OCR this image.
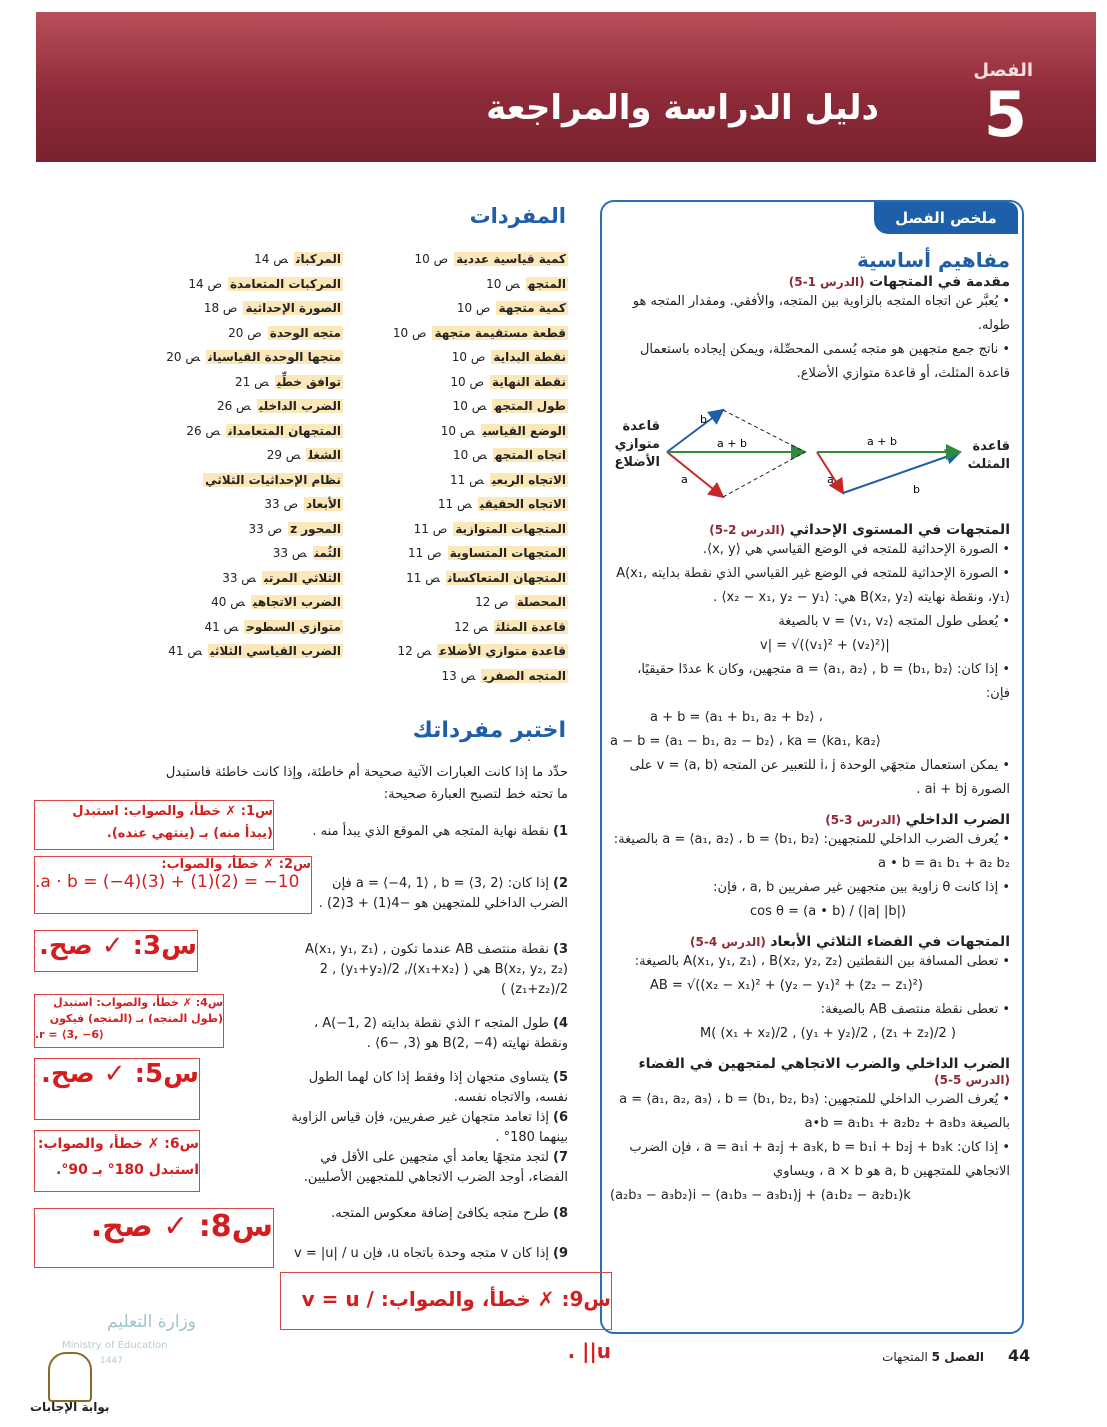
الفصل
5
دليل الدراسة والمراجعة
ملخص الفصل
مفاهيم أساسية
مقدمة في المتجهات (الدرس 1-5)
• يُعبَّر عن اتجاه المتجه بالزاوية بين المتجه، والأفقي. ومقدار المتجه هو طوله.
• ناتج جمع متجهين هو متجه يُسمى المحصِّلة، ويمكن إيجاده باستعمال قاعدة المثلث، أو قاعدة متوازي الأضلاع.
b
a
a + b	a + b
a
b
قاعدة متوازي الأضلاع
قاعدة المثلث
المتجهات في المستوى الإحداثي (الدرس 2-5)
• الصورة الإحداثية للمتجه في الوضع القياسي هي ⟨x, y⟩.
• الصورة الإحداثية للمتجه في الوضع غير القياسي الذي نقطة بدايته A(x₁, y₁)، ونقطة نهايته B(x₂, y₂) هي: ⟨x₂ − x₁, y₂ − y₁⟩ .
• يُعطى طول المتجه v = ⟨v₁, v₂⟩ بالصيغة
|v| = √((v₁)² + (v₂)²)
• إذا كان: a = ⟨a₁, a₂⟩ , b = ⟨b₁, b₂⟩ متجهين، وكان k عددًا حقيقيًا، فإن:
a + b = ⟨a₁ + b₁, a₂ + b₂⟩ ،
a − b = ⟨a₁ − b₁, a₂ − b₂⟩ ، ka = ⟨ka₁, ka₂⟩
• يمكن استعمال متجهَي الوحدة i، j للتعبير عن المتجه v = ⟨a, b⟩ على الصورة ai + bj .
الضرب الداخلي (الدرس 3-5)
• يُعرف الضرب الداخلي للمتجهين: a = ⟨a₁, a₂⟩ ، b = ⟨b₁, b₂⟩ بالصيغة: a • b = a₁ b₁ + a₂ b₂
• إذا كانت θ زاوية بين متجهين غير صفريين a, b ، فإن:
cos θ = (a • b) / (|a| |b|)
المتجهات في الفضاء الثلاثي الأبعاد (الدرس 4-5)
• تعطى المسافة بين النقطتين A(x₁, y₁, z₁) ، B(x₂, y₂, z₂) بالصيغة:
AB = √((x₂ − x₁)² + (y₂ − y₁)² + (z₂ − z₁)²)
• تعطى نقطة منتصف AB بالصيغة:
M( (x₁ + x₂)/2 , (y₁ + y₂)/2 , (z₁ + z₂)/2 )
الضرب الداخلي والضرب الاتجاهي لمتجهين في الفضاء (الدرس 5-5)
• يُعرف الضرب الداخلي للمتجهين: a = ⟨a₁, a₂, a₃⟩ ، b = ⟨b₁, b₂, b₃⟩ بالصيغة a•b = a₁b₁ + a₂b₂ + a₃b₃
• إذا كان: a = a₁i + a₂j + a₃k, b = b₁i + b₂j + b₃k ، فإن الضرب الاتجاهي للمتجهين a, b هو a × b ، ويساوي
(a₂b₃ − a₃b₂)i − (a₁b₃ − a₃b₁)j + (a₁b₂ − a₂b₁)k
المفردات
كمية قياسية عدديةص 10
المتجهص 10
كمية متجهةص 10
قطعة مستقيمة متجهةص 10
نقطة البدايةص 10
نقطة النهايةص 10
طول المتجهص 10
الوضع القياسيص 10
اتجاه المتجهص 10
الاتجاه الربعيص 11
الاتجاه الحقيقيص 11
المتجهات المتوازيةص 11
المتجهات المتساويةص 11
المتجهان المتعاكسانص 11
المحصلةص 12
قاعدة المثلثص 12
قاعدة متوازي الأضلاعص 12
المتجه الصفريص 13
المركباتص 14
المركبات المتعامدةص 14
الصورة الإحداثيةص 18
متجه الوحدةص 20
متجها الوحدة القياسيانص 20
توافق خطِّيص 21
الضرب الداخليص 26
المتجهان المتعامدانص 26
الشغلص 29
نظام الإحداثيات الثلاثي
الأبعادص 33
المحور zص 33
الثُمنص 33
الثلاثي المرتبص 33
الضرب الاتجاهيص 40
متوازي السطوحص 41
الضرب القياسي الثلاثيص 41
اختبر مفرداتك
حدِّد ما إذا كانت العبارات الآتية صحيحة أم خاطئة، وإذا كانت خاطئة فاستبدل ما تحته خط لتصبح العبارة صحيحة:
1)نقطة نهاية المتجه هي الموقع الذي يبدأ منه .
2)إذا كان: a = ⟨−4, 1⟩ , b = ⟨3, 2⟩ فإن الضرب الداخلي للمتجهين هو −4(1) + 3(2) .
3)نقطة منتصف AB عندما تكون A(x₁, y₁, z₁) , B(x₂, y₂, z₂) هي ( (x₁+x₂)/2 , (y₁+y₂)/2 , (z₁+z₂)/2 )
4)طول المتجه r الذي نقطة بدايته A(−1, 2) ، ونقطة نهايته B(2, −4) هو ⟨3, −6⟩ .
5)يتساوى متجهان إذا وفقط إذا كان لهما الطول نفسه، والاتجاه نفسه.
6)إذا تعامد متجهان غير صفريين، فإن قياس الزاوية بينهما 180° .
7)لتجد متجهًا يعامد أي متجهين على الأقل في الفضاء، أوجد الضرب الاتجاهي للمتجهين الأصليين.
8)طرح متجه يكافئ إضافة معكوس المتجه.
9)إذا كان v متجه وحدة باتجاه u، فإن v = |u| / u
س1: ✗ خطأ، والصواب: استبدل
(يبدأ منه) بـ (ينتهي عنده).
س2: ✗ خطأ، والصواب:
.a · b = (−4)(3) + (1)(2) = −10
س3: ✓ صح.
س4: ✗ خطأ، والصواب: استبدل (طول المتجه) بـ (المتجه) فيكون
.r = ⟨3, −6⟩
س5: ✓ صح.
س6: ✗ خطأ، والصواب:
استبدل 180° بـ 90°.
س8: ✓ صح.
س9: ✗ خطأ، والصواب: v = u / |u| .
وزارة التعليم
Ministry of Education
1447
بوابة الإجابات
44
الفصل 5 المتجهات
